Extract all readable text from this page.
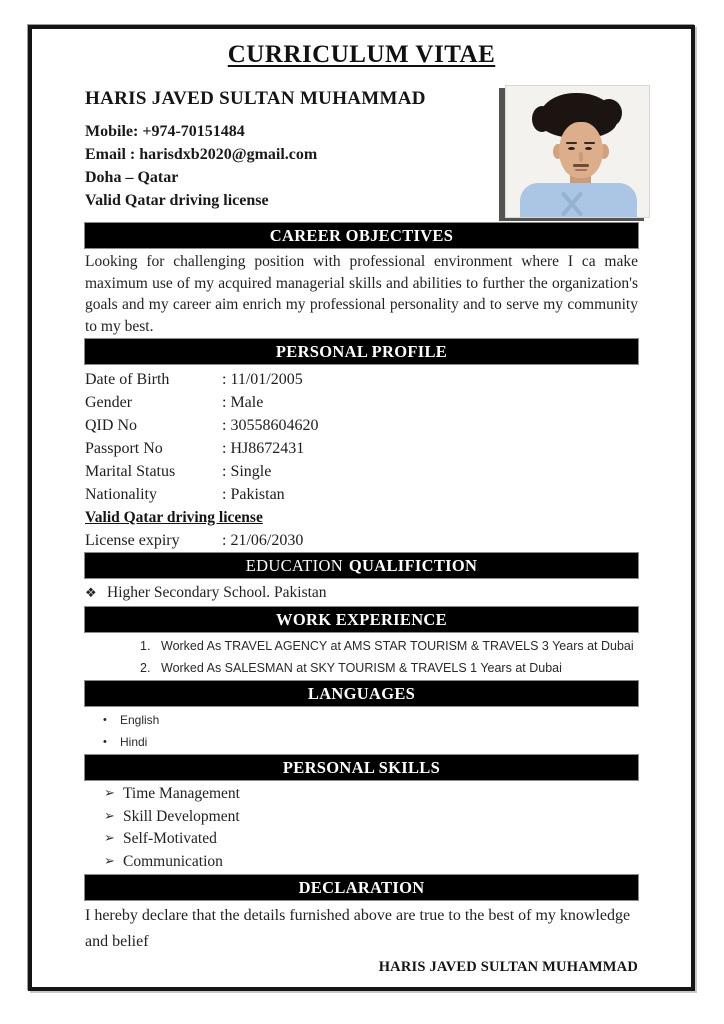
CURRICULUM VITAE
HARIS JAVED SULTAN MUHAMMAD
Mobile: +974-70151484
Email : harisdxb2020@gmail.com
Doha – Qatar
Valid Qatar driving license
CAREER OBJECTIVES

Looking for challenging position with professional environment where I ca make maximum use of my acquired managerial skills and abilities to further the organization's goals and my career aim enrich my professional personality and to serve my community to my best.

PERSONAL PROFILE
Date of Birth	: 11/01/2005
Gender	: Male
QID No	: 30558604620
Passport No	: HJ8672431
Marital Status	: Single
Nationality	: Pakistan
Valid Qatar driving license
License expiry	: 21/06/2030
EDUCATION QUALIFICTION
❖ Higher Secondary School. Pakistan
WORK EXPERIENCE
1. Worked As TRAVEL AGENCY at AMS STAR TOURISM & TRAVELS 3 Years at Dubai
2. Worked As SALESMAN at SKY TOURISM & TRAVELS 1 Years at Dubai
LANGUAGES
•	English
•	Hindi
PERSONAL SKILLS
➢ Time Management
➢ Skill Development
➢ Self-Motivated
➢ Communication
DECLARATION

I hereby declare that the details furnished above are true to the best of my knowledge and belief

HARIS JAVED SULTAN MUHAMMAD
